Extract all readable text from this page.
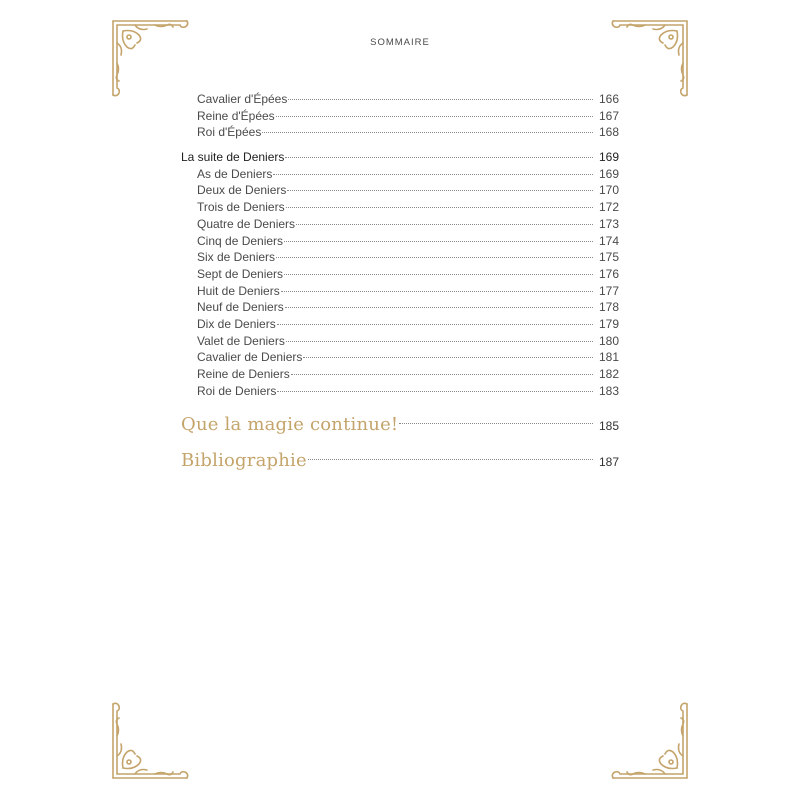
SOMMAIRE
Cavalier d'Épées	166
Reine d'Épées	167
Roi d'Épées	168
La suite de Deniers	169
As de Deniers	169
Deux de Deniers	170
Trois de Deniers	172
Quatre de Deniers	173
Cinq de Deniers	174
Six de Deniers	175
Sept de Deniers	176
Huit de Deniers	177
Neuf de Deniers	178
Dix de Deniers	179
Valet de Deniers	180
Cavalier de Deniers	181
Reine de Deniers	182
Roi de Deniers	183
Que la magie continue!	185
Bibliographie	187
